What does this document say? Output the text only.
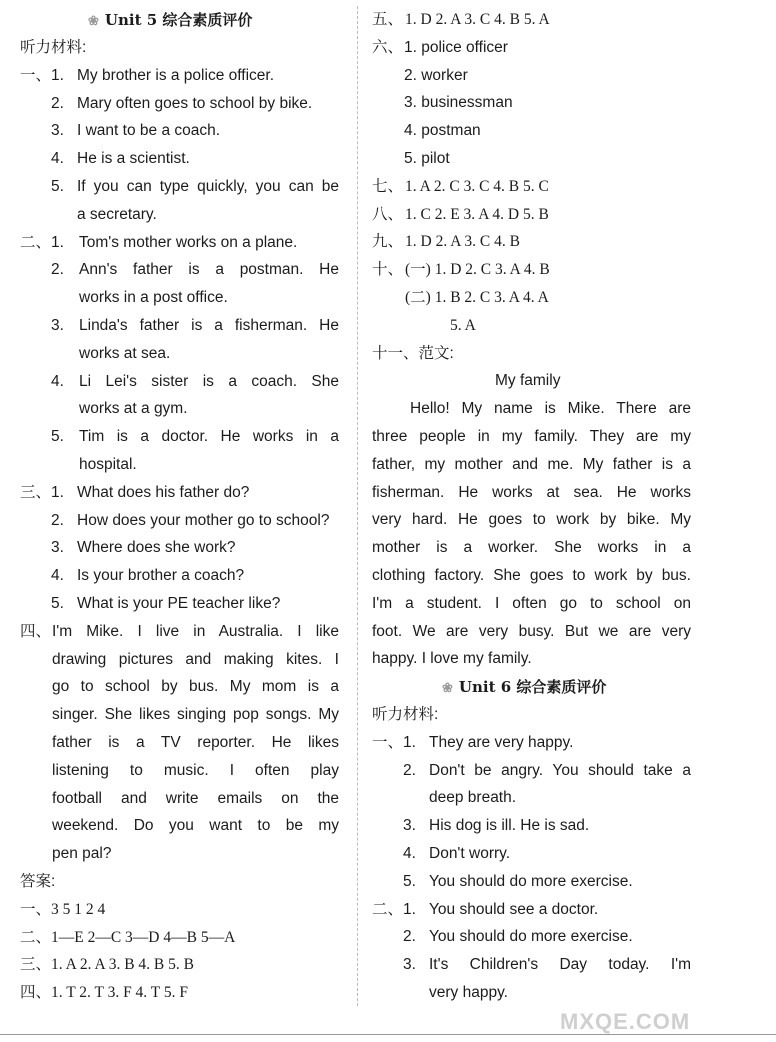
❀ Unit 5 综合素质评价
听力材料:
一、 1. My brother is a police officer.
2. Mary often goes to school by bike.
3. I want to be a coach.
4. He is a scientist.
5. If you can type quickly, you can be
a secretary.
二、 1. Tom's mother works on a plane.
2. Ann's father is a postman. He
works in a post office.
3. Linda's father is a fisherman. He
works at sea.
4. Li Lei's sister is a coach. She
works at a gym.
5. Tim is a doctor. He works in a
hospital.
三、 1. What does his father do?
2. How does your mother go to school?
3. Where does she work?
4. Is your brother a coach?
5. What is your PE teacher like?
四、 I'm Mike. I live in Australia. I like
drawing pictures and making kites. I
go to school by bus. My mom is a
singer. She likes singing pop songs. My
father is a TV reporter. He likes
listening to music. I often play
football and write emails on the
weekend. Do you want to be my
pen pal?
答案:
一、 3 5 1 2 4
二、 1—E 2—C 3—D 4—B 5—A
三、 1. A 2. A 3. B 4. B 5. B
四、 1. T 2. T 3. F 4. T 5. F
五、 1. D 2. A 3. C 4. B 5. A
六、 1. police officer
2. worker
3. businessman
4. postman
5. pilot
七、 1. A 2. C 3. C 4. B 5. C
八、 1. C 2. E 3. A 4. D 5. B
九、 1. D 2. A 3. C 4. B
十、 (一) 1. D 2. C 3. A 4. B
(二) 1. B 2. C 3. A 4. A
5. A
十一、范文:
My family
Hello! My name is Mike. There are
three people in my family. They are my
father, my mother and me. My father is a
fisherman. He works at sea. He works
very hard. He goes to work by bike. My
mother is a worker. She works in a
clothing factory. She goes to work by bus.
I'm a student. I often go to school on
foot. We are very busy. But we are very
happy. I love my family.
❀ Unit 6 综合素质评价
听力材料:
一、 1. They are very happy.
2. Don't be angry. You should take a
deep breath.
3. His dog is ill. He is sad.
4. Don't worry.
5. You should do more exercise.
二、 1. You should see a doctor.
2. You should do more exercise.
3. It's Children's Day today. I'm
very happy.
MXQE.COM
